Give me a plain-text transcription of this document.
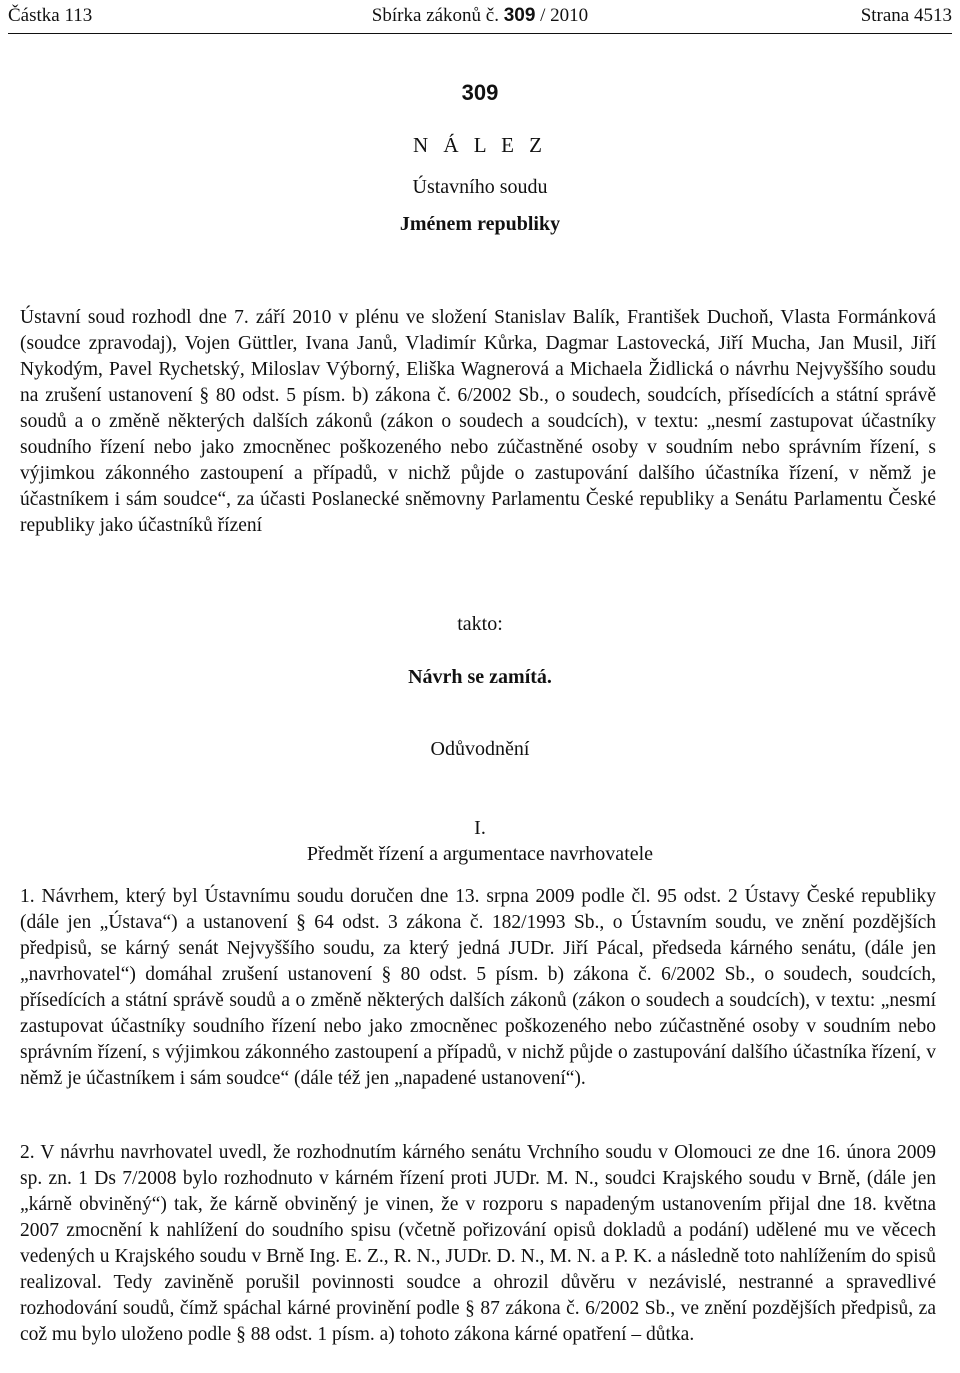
Částka 113	Sbírka zákonů č. 309 / 2010	Strana 4513
309
N Á L E Z
Ústavního soudu
Jménem republiky

Ústavní soud rozhodl dne 7. září 2010 v plénu ve složení Stanislav Balík, František Duchoň, Vlasta Formánková (soudce zpravodaj), Vojen Güttler, Ivana Janů, Vladimír Kůrka, Dagmar Lastovecká, Jiří Mucha, Jan Musil, Jiří Nykodým, Pavel Rychetský, Miloslav Výborný, Eliška Wagnerová a Michaela Židlická o návrhu Nejvyššího soudu na zrušení ustanovení § 80 odst. 5 písm. b) zákona č. 6/2002 Sb., o soudech, soudcích, přísedících a státní správě soudů a o změně některých dalších zákonů (zákon o soudech a soudcích), v textu: „nesmí zastupovat účastníky soudního řízení nebo jako zmocněnec poškozeného nebo zúčastněné osoby v soudním nebo správním řízení, s výjimkou zákonného zastoupení a případů, v nichž půjde o zastupování dalšího účastníka řízení, v němž je účastníkem i sám soudce“, za účasti Poslanecké sněmovny Parlamentu České republiky a Senátu Parlamentu České republiky jako účastníků řízení

takto:
Návrh se zamítá.
Odůvodnění
I.
Předmět řízení a argumentace navrhovatele

1. Návrhem, který byl Ústavnímu soudu doručen dne 13. srpna 2009 podle čl. 95 odst. 2 Ústavy České republiky (dále jen „Ústava“) a ustanovení § 64 odst. 3 zákona č. 182/1993 Sb., o Ústavním soudu, ve znění pozdějších předpisů, se kárný senát Nejvyššího soudu, za který jedná JUDr. Jiří Pácal, předseda kárného senátu, (dále jen „navrhovatel“) domáhal zrušení ustanovení § 80 odst. 5 písm. b) zákona č. 6/2002 Sb., o soudech, soudcích, přísedících a státní správě soudů a o změně některých dalších zákonů (zákon o soudech a soudcích), v textu: „nesmí zastupovat účastníky soudního řízení nebo jako zmocněnec poškozeného nebo zúčastněné osoby v soudním nebo správním řízení, s výjimkou zákonného zastoupení a případů, v nichž půjde o zastupování dalšího účastníka řízení, v němž je účastníkem i sám soudce“ (dále též jen „napadené ustanovení“).

2. V návrhu navrhovatel uvedl, že rozhodnutím kárného senátu Vrchního soudu v Olomouci ze dne 16. února 2009 sp. zn. 1 Ds 7/2008 bylo rozhodnuto v kárném řízení proti JUDr. M. N., soudci Krajského soudu v Brně, (dále jen „kárně obviněný“) tak, že kárně obviněný je vinen, že v rozporu s napadeným ustanovením přijal dne 18. května 2007 zmocnění k nahlížení do soudního spisu (včetně pořizování opisů dokladů a podání) udělené mu ve věcech vedených u Krajského soudu v Brně Ing. E. Z., R. N., JUDr. D. N., M. N. a P. K. a následně toto nahlížením do spisů realizoval. Tedy zaviněně porušil povinnosti soudce a ohrozil důvěru v nezávislé, nestranné a spravedlivé rozhodování soudů, čímž spáchal kárné provinění podle § 87 zákona č. 6/2002 Sb., ve znění pozdějších předpisů, za což mu bylo uloženo podle § 88 odst. 1 písm. a) tohoto zákona kárné opatření – důtka.
